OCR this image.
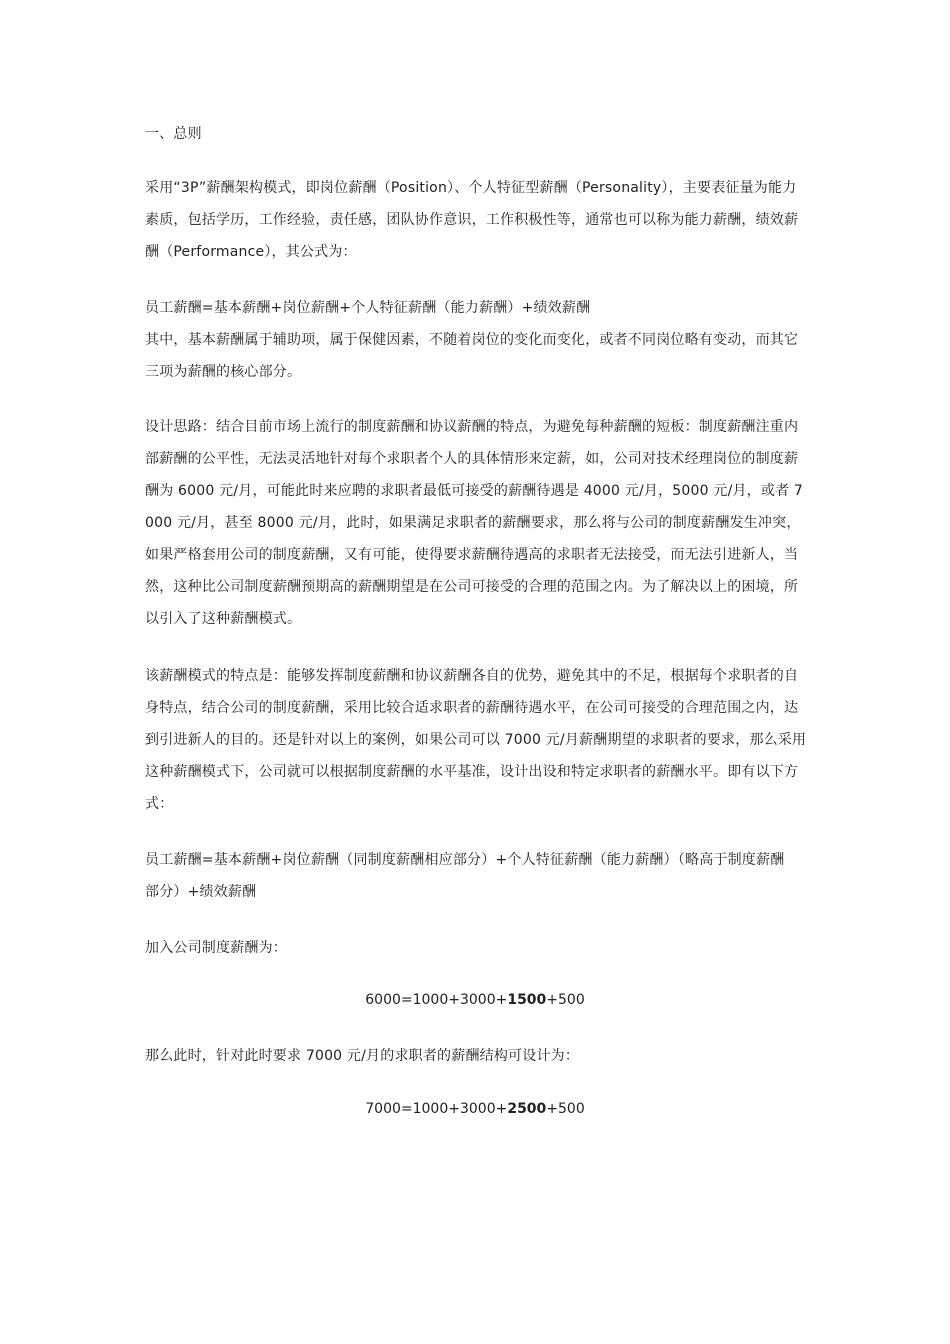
一、总则
采用“3P”薪酬架构模式，即岗位薪酬（Position）、个人特征型薪酬（Personality），主要表征量为能力
素质，包括学历，工作经验，责任感，团队协作意识，工作积极性等，通常也可以称为能力薪酬，绩效薪
酬（Performance），其公式为：
员工薪酬=基本薪酬+岗位薪酬+个人特征薪酬（能力薪酬）+绩效薪酬
其中，基本薪酬属于辅助项，属于保健因素，不随着岗位的变化而变化，或者不同岗位略有变动，而其它
三项为薪酬的核心部分。
设计思路：结合目前市场上流行的制度薪酬和协议薪酬的特点，为避免每种薪酬的短板：制度薪酬注重内
部薪酬的公平性，无法灵活地针对每个求职者个人的具体情形来定薪，如，公司对技术经理岗位的制度薪
酬为 6000 元/月，可能此时来应聘的求职者最低可接受的薪酬待遇是 4000 元/月，5000 元/月，或者 7
000 元/月，甚至 8000 元/月，此时，如果满足求职者的薪酬要求，那么将与公司的制度薪酬发生冲突，
如果严格套用公司的制度薪酬，又有可能，使得要求薪酬待遇高的求职者无法接受，而无法引进新人，当
然，这种比公司制度薪酬预期高的薪酬期望是在公司可接受的合理的范围之内。为了解决以上的困境，所
以引入了这种薪酬模式。
该薪酬模式的特点是：能够发挥制度薪酬和协议薪酬各自的优势，避免其中的不足，根据每个求职者的自
身特点，结合公司的制度薪酬，采用比较合适求职者的薪酬待遇水平，在公司可接受的合理范围之内，达
到引进新人的目的。还是针对以上的案例，如果公司可以 7000 元/月薪酬期望的求职者的要求，那么采用
这种薪酬模式下，公司就可以根据制度薪酬的水平基准，设计出设和特定求职者的薪酬水平。即有以下方
式：
员工薪酬=基本薪酬+岗位薪酬（同制度薪酬相应部分）+个人特征薪酬（能力薪酬）（略高于制度薪酬
部分）+绩效薪酬
加入公司制度薪酬为：
6000=1000+3000+1500+500
那么此时，针对此时要求 7000 元/月的求职者的薪酬结构可设计为：
7000=1000+3000+2500+500
